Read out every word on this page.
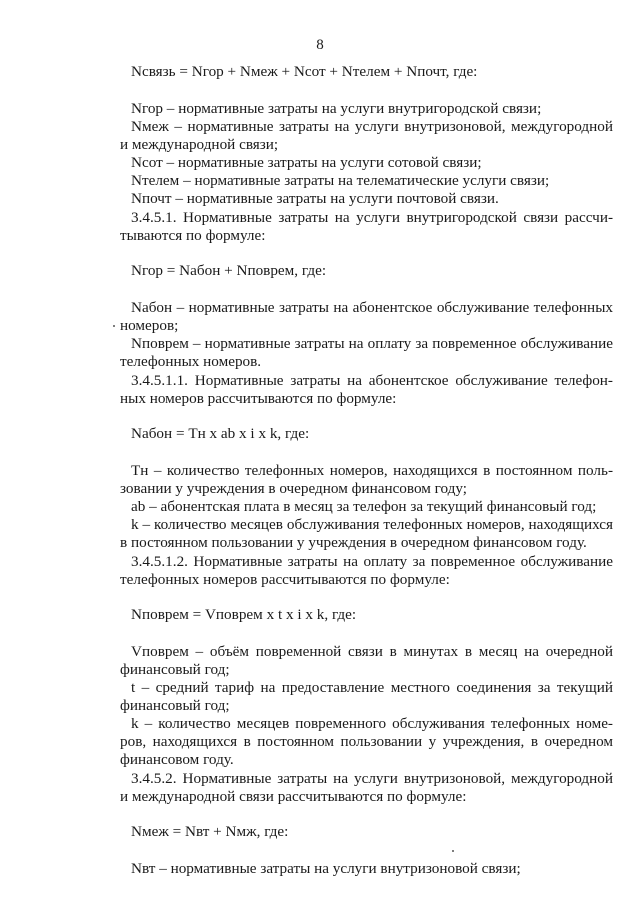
8
Nсвязь = Nгор + Nмеж + Nсот + Nтелем + Nпочт, где:
Nгор – нормативные затраты на услуги внутригородской связи;
Nмеж – нормативные затраты на услуги внутризоновой, междугородной
и международной связи;
Nсот – нормативные затраты на услуги сотовой связи;
Nтелем – нормативные затраты на телематические услуги связи;
Nпочт – нормативные затраты на услуги почтовой связи.
3.4.5.1. Нормативные затраты на услуги внутригородской связи рассчи-
тываются по формуле:
Nгор = Nабон + Nповрем, где:
Nабон – нормативные затраты на абонентское обслуживание телефонных
номеров;
Nповрем – нормативные затраты на оплату за повременное обслуживание
телефонных номеров.
3.4.5.1.1. Нормативные затраты на абонентское обслуживание телефон-
ных номеров рассчитываются по формуле:
Nабон = Tн x ab x i x k, где:
Tн – количество телефонных номеров, находящихся в постоянном поль-
зовании у учреждения в очередном финансовом году;
ab – абонентская плата в месяц за телефон за текущий финансовый год;
k – количество месяцев обслуживания телефонных номеров, находящихся
в постоянном пользовании у учреждения в очередном финансовом году.
3.4.5.1.2. Нормативные затраты на оплату за повременное обслуживание
телефонных номеров рассчитываются по формуле:
Nповрем = Vповрем x t x i x k, где:
Vповрем – объём повременной связи в минутах в месяц на очередной
финансовый год;
t – средний тариф на предоставление местного соединения за текущий
финансовый год;
k – количество месяцев повременного обслуживания телефонных номе-
ров, находящихся в постоянном пользовании у учреждения, в очередном
финансовом году.
3.4.5.2. Нормативные затраты на услуги внутризоновой, междугородной
и международной связи рассчитываются по формуле:
Nмеж = Nвт + Nмж, где:
Nвт – нормативные затраты на услуги внутризоновой связи;
